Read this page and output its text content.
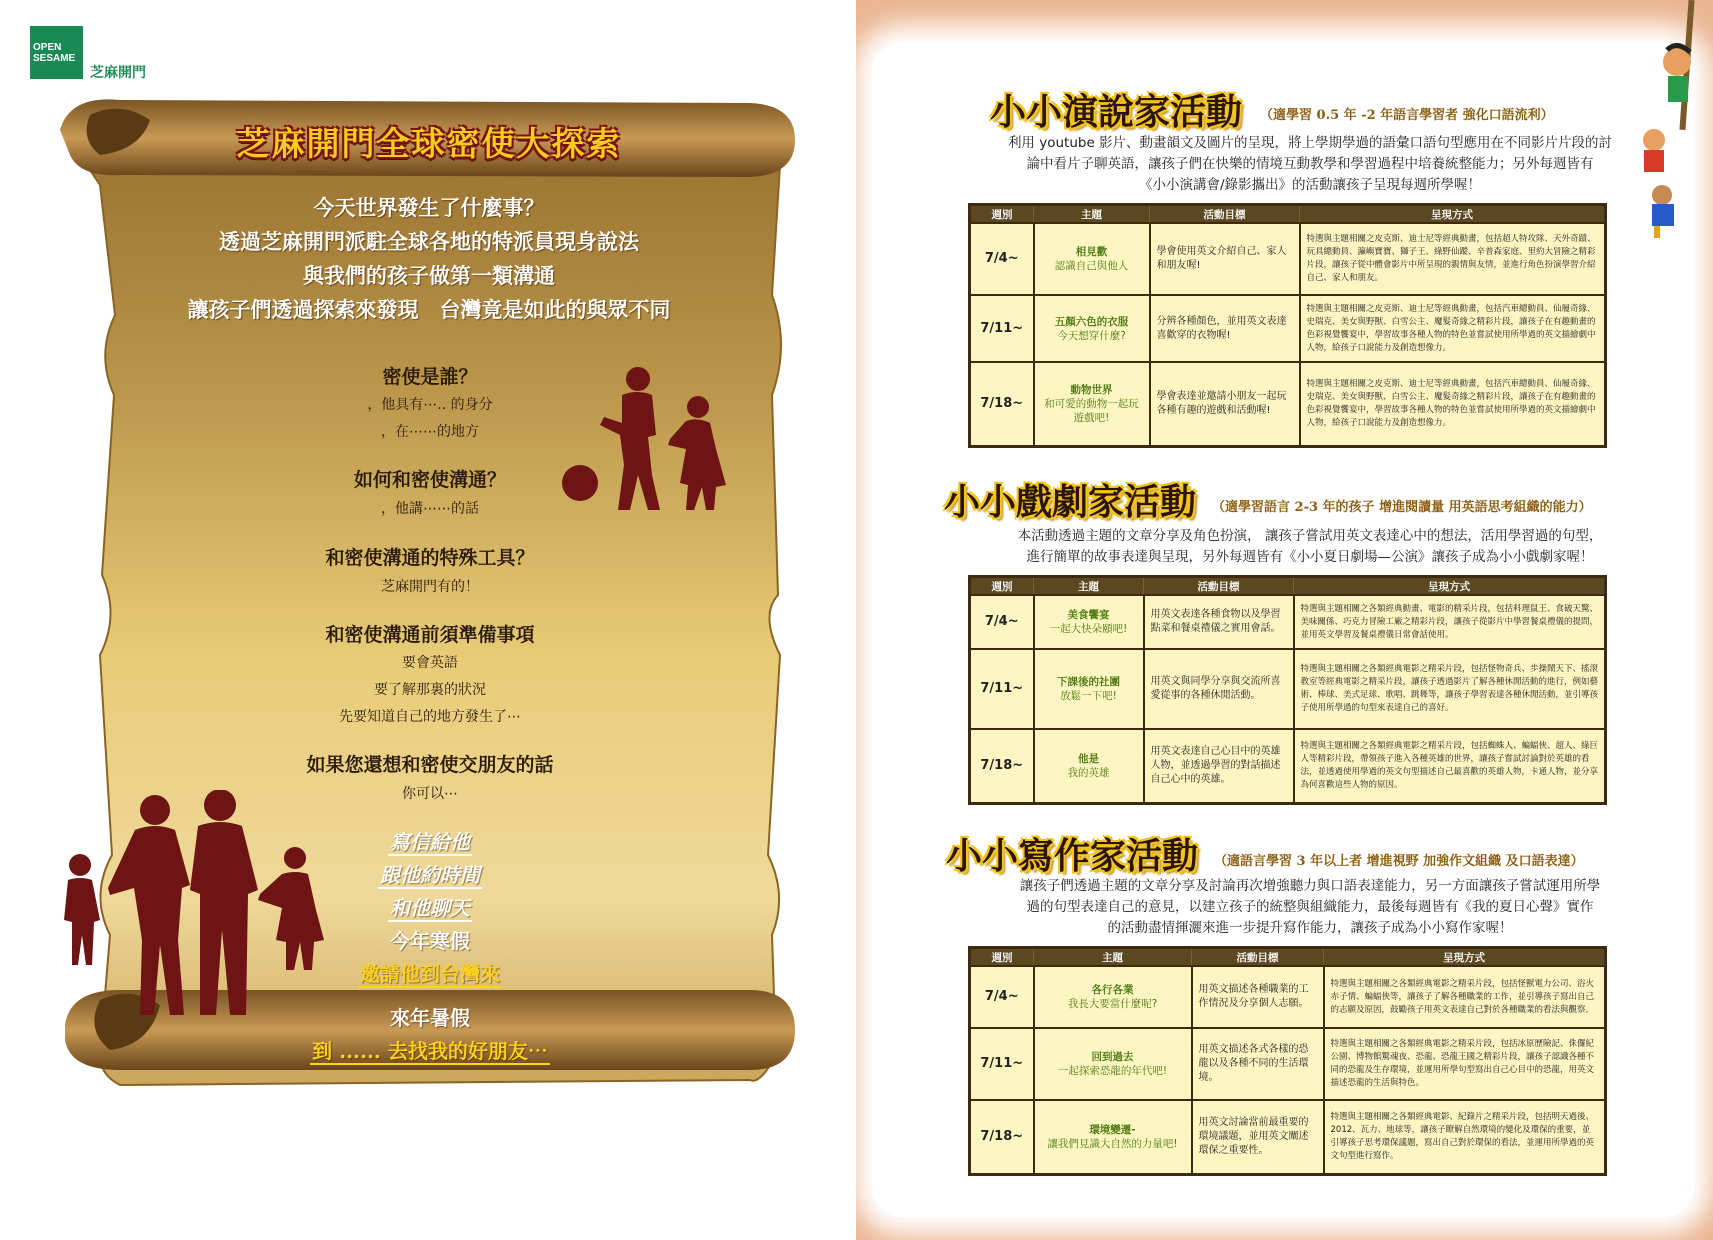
OPEN
SESAME
芝麻開門
芝麻開門全球密使大探索
今天世界發生了什麼事？
透過芝麻開門派駐全球各地的特派員現身說法
與我們的孩子做第一類溝通
讓孩子們透過探索來發現　台灣竟是如此的與眾不同
密使是誰？
，他具有⋯.. 的身分
，在⋯⋯的地方
如何和密使溝通？
，他講⋯⋯的話
和密使溝通的特殊工具？
芝麻開門有的！
和密使溝通前須準備事項
要會英語
要了解那裏的狀況
先要知道自己的地方發生了⋯
如果您還想和密使交朋友的話
你可以⋯
寫信給他
跟他約時間
和他聊天
今年寒假
邀請他到台灣來
來年暑假
到 ...... 去找我的好朋友⋯
小小演說家活動 （適學習 0.5 年 -2 年語言學習者 強化口語流利）
利用 youtube 影片、動畫韻文及圖片的呈現，將上學期學過的語彙口語句型應用在不同影片片段的討
論中看片子聊英語，讓孩子們在快樂的情境互動教學和學習過程中培養統整能力；另外每週皆有
《小小演講會∕錄影攜出》的活動讓孩子呈現每週所學喔！
週別	主題	活動目標	呈現方式
7/4~	相見歡
認識自己與他人	學會使用英文介紹自己、家人和朋友喔!	特選與主題相關之皮克斯、迪士尼等經典動畫，包括超人特攻隊、天外奇蹟、玩具總動員、瀛嶼寶寶、獅子王、綠野仙蹤、辛普森家庭、里約大冒險之精彩片段，讓孩子從中體會影片中所呈現的親情與友情，並進行角色扮演學習介紹自己、家人和朋友。
7/11~	五顏六色的衣服
今天想穿什麼?	分辨各種顏色，並用英文表達喜歡穿的衣物喔!	特選與主題相關之皮克斯、迪士尼等經典動畫，包括汽車總動員、仙履奇緣、史瑞克、美女與野獸、白雪公主、魔髮奇緣之精彩片段，讓孩子在有趣動畫的色彩視覺饗宴中，學習故事各種人物的特色並嘗試使用所學過的英文描繪劇中人物，給孩子口說能力及創造想像力。
7/18~	動物世界
和可愛的動物一起玩遊戲吧!	學會表達並邀請小朋友一起玩各種有趣的遊戲和活動喔!	特選與主題相關之皮克斯、迪士尼等經典動畫，包括汽車總動員、仙履奇緣、史瑞克、美女與野獸、白雪公主、魔髮奇緣之精彩片段，讓孩子在有趣動畫的色彩視覺饗宴中，學習故事各種人物的特色並嘗試使用所學過的英文描繪劇中人物，給孩子口說能力及創造想像力。
小小戲劇家活動 （適學習語言 2-3 年的孩子 增進閱讀量 用英語思考組織的能力）
本活動透過主題的文章分享及角色扮演， 讓孩子嘗試用英文表達心中的想法，活用學習過的句型，
進行簡單的故事表達與呈現，另外每週皆有《小小夏日劇場—公演》讓孩子成為小小戲劇家喔！
週別	主題	活動目標	呈現方式
7/4~	美食饗宴
一起大快朵頤吧!	用英文表達各種食物以及學習點菜和餐桌禮儀之實用會話。	特選與主題相關之各類經典動畫、電影的精采片段，包括料理鼠王、食破天驚、美味關係、巧克力冒險工廠之精彩片段，讓孩子從影片中學習餐桌禮儀的提問，並用英文學習及餐桌禮儀日常會話使用。
7/11~	下課後的社團
放鬆一下吧!	用英文與同學分享與交流所喜愛從事的各種休閒活動。	特選與主題相關之各類經典電影之精采片段，包括怪物奇兵、歩操鬧天下、搖滾教室等經典電影之精采片段，讓孩子透過影片了解各種休閒活動的進行，例如藝術、棒球、美式足球、歌唱、跳舞等，讓孩子學習表達各種休閒活動，並引導孩子使用所學過的句型來表達自己的喜好。
7/18~	他是
我的英雄	用英文表達自己心目中的英雄人物，並透過學習的對話描述自己心中的英雄。	特選與主題相關之各類經典電影之精采片段，包括蜘蛛人、蝙蝠俠、超人、綠巨人等精彩片段，帶領孩子進入各種英雄的世界，讓孩子嘗試討論對於英雄的看法，並透過使用學過的英文句型描述自己最喜歡的英雄人物，卡通人物，並分享為何喜歡這些人物的原因。
小小寫作家活動 （適語言學習 3 年以上者 增進視野 加強作文組織 及口語表達）
讓孩子們透過主題的文章分享及討論再次增強聽力與口語表達能力，另一方面讓孩子嘗試運用所學
過的句型表達自己的意見，以建立孩子的統整與組織能力，最後每週皆有《我的夏日心聲》實作
的活動盡情揮灑來進一步提升寫作能力，讓孩子成為小小寫作家喔！
週別	主題	活動目標	呈現方式
7/4~	各行各業
我長大要當什麼呢?	用英文描述各種職業的工作情況及分享個人志願。	特選與主題相關之各類經典電影之精采片段，包括怪獸電力公司、浴火赤子情、蝙蝠俠等，讓孩子了解各種職業的工作，並引導孩子寫出自己的志願及原因，鼓勵孩子用英文表達自己對於各種職業的看法與觀察。
7/11~	回到過去
一起探索恐龍的年代吧!	用英文描述各式各樣的恐龍以及各種不同的生活環境。	特選與主題相關之各類經典電影之精采片段，包括冰原歷險記、侏儸紀公園、博物館驚魂夜、恐龍、恐龍王國之精彩片段，讓孩子認識各種不同的恐龍及生存環境，並運用所學句型寫出自己心目中的恐龍，用英文描述恐龍的生活與特色。
7/18~	環境變遷-
讓我們見識大自然的力量吧!	用英文討論當前最重要的環境議題，並用英文闡述環保之重要性。	特選與主題相關之各類經典電影、紀錄片之精采片段，包括明天過後、2012、瓦力、地球等，讓孩子瞭解自然環境的變化及環保的重要，並引導孩子思考環保議題，寫出自己對於環保的看法，並運用所學過的英文句型進行寫作。
